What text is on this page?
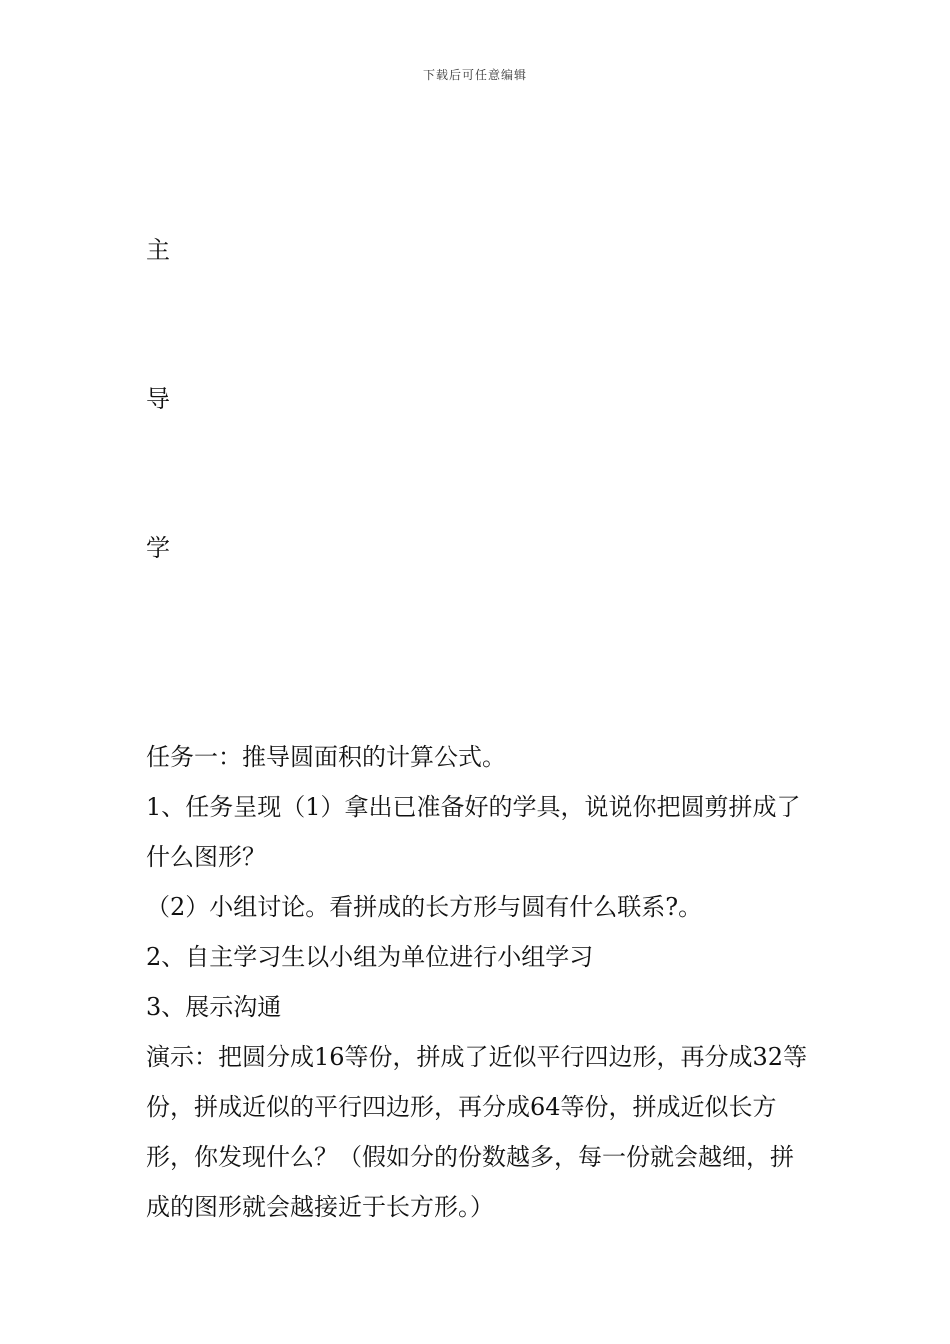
下载后可任意编辑
主
导
学

任务一：推导圆面积的计算公式。

1、任务呈现（1）拿出已准备好的学具，说说你把圆剪拼成了什么图形？

（2）小组讨论。看拼成的长方形与圆有什么联系?。

2、自主学习生以小组为单位进行小组学习

3、展示沟通

演示：把圆分成16等份，拼成了近似平行四边形，再分成32等份，拼成近似的平行四边形，再分成64等份，拼成近似长方形，你发现什么？（假如分的份数越多，每一份就会越细，拼成的图形就会越接近于长方形。）
